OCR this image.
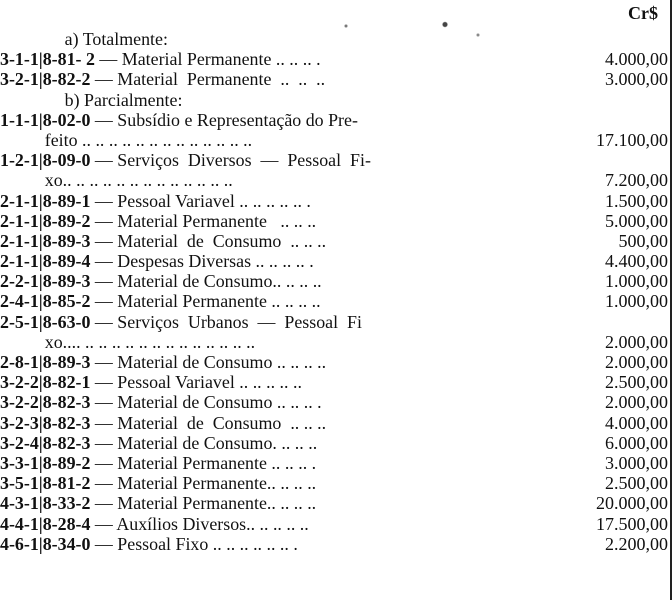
Cr$
a) Totalmente:
3-1-1|8-81- 2 — Material Permanente .. .. .. .	4.000,00
3-2-1|8-82-2 — Material  Permanente  ..  ..  ..	3.000,00
b) Parcialmente:
1-1-1|8-02-0 — Subsídio e Representação do Pre-
feito .. .. .. .. .. .. .. .. .. .. .. .. ..	17.100,00
1-2-1|8-09-0 — Serviços  Diversos  —  Pessoal  Fi-
xo.. .. .. .. .. .. .. .. .. .. .. .. ..	7.200,00
2-1-1|8-89-1 — Pessoal Variavel .. .. .. .. .. .	1.500,00
2-1-1|8-89-2 — Material Permanente   .. .. ..	5.000,00
2-1-1|8-89-3 — Material  de  Consumo  .. .. ..	500,00
2-1-1|8-89-4 — Despesas Diversas .. .. .. .. .	4.400,00
2-2-1|8-89-3 — Material de Consumo.. .. .. ..	1.000,00
2-4-1|8-85-2 — Material Permanente .. .. .. ..	1.000,00
2-5-1|8-63-0 — Serviços  Urbanos  —  Pessoal  Fi
xo.... .. .. .. .. .. .. .. .. .. .. .. .. ..	2.000,00
2-8-1|8-89-3 — Material de Consumo .. .. .. ..	2.000,00
3-2-2|8-82-1 — Pessoal Variavel .. .. .. .. ..	2.500,00
3-2-2|8-82-3 — Material de Consumo .. .. .. .	2.000,00
3-2-3|8-82-3 — Material  de  Consumo  .. .. ..	4.000,00
3-2-4|8-82-3 — Material de Consumo. .. .. ..	6.000,00
3-3-1|8-89-2 — Material Permanente .. .. .. .	3.000,00
3-5-1|8-81-2 — Material Permanente.. .. .. ..	2.500,00
4-3-1|8-33-2 — Material Permanente.. .. .. ..	20.000,00
4-4-1|8-28-4 — Auxílios Diversos.. .. .. .. ..	17.500,00
4-6-1|8-34-0 — Pessoal Fixo .. .. .. .. .. .. .	2.200,00
